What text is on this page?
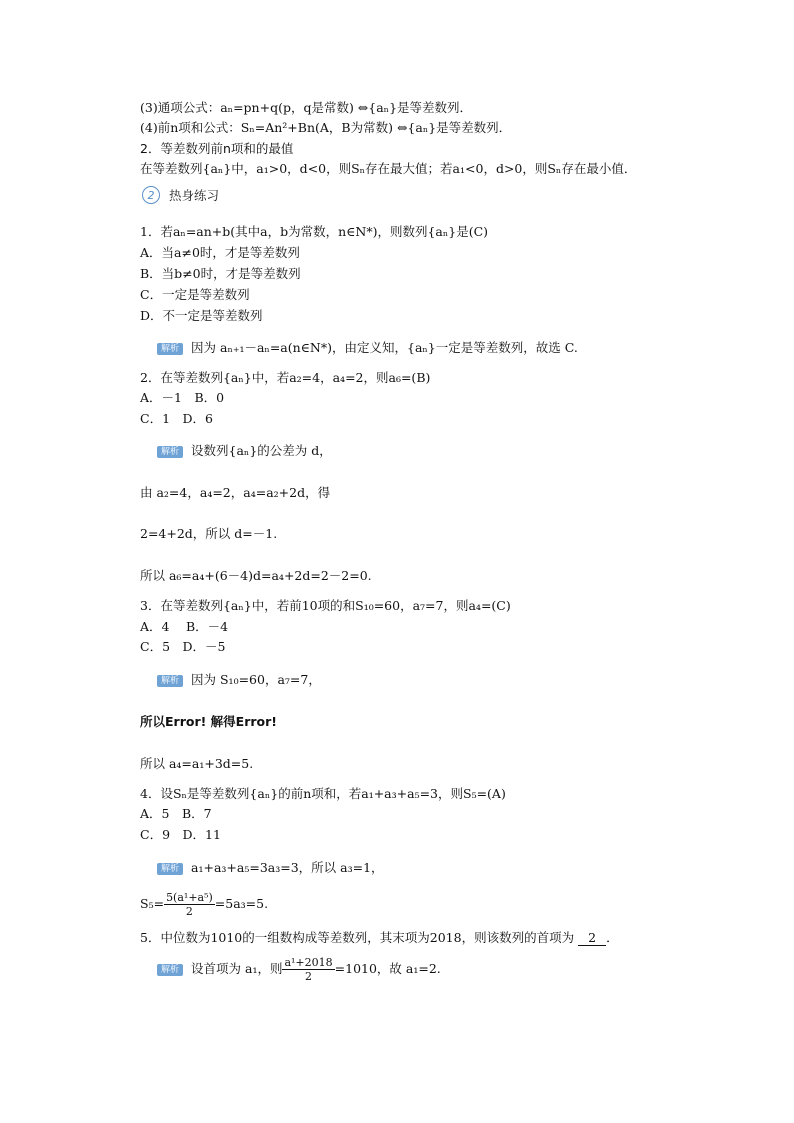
(3)通项公式：aₙ=pn+q(p，q是常数) ⇔{aₙ}是等差数列．
(4)前n项和公式：Sₙ=An²+Bn(A，B为常数) ⇔{aₙ}是等差数列．
2．等差数列前n项和的最值
在等差数列{aₙ}中，a₁>0，d<0，则Sₙ存在最大值；若a₁<0，d>0，则Sₙ存在最小值．
2	热身练习
1．若aₙ=an+b(其中a，b为常数，n∈N*)，则数列{aₙ}是(C)
A．当a≠0时，才是等差数列
B．当b≠0时，才是等差数列
C．一定是等差数列
D．不一定是等差数列
解析 因为 aₙ₊₁－aₙ=a(n∈N*)，由定义知，{aₙ}一定是等差数列，故选 C.
2．在等差数列{aₙ}中，若a₂=4，a₄=2，则a₆=(B)
A．－1　B．0
C．1　D．6
解析 设数列{aₙ}的公差为 d，
由 a₂=4，a₄=2，a₄=a₂+2d，得
2=4+2d，所以 d=－1.
所以 a₆=a₄+(6－4)d=a₄+2d=2－2=0.
3．在等差数列{aₙ}中，若前10项的和S₁₀=60，a₇=7，则a₄=(C)
A．4　 B．－4
C．5　D．－5
解析 因为 S₁₀=60，a₇=7，
所以Error! 解得Error!
所以 a₄=a₁+3d=5.
4．设Sₙ是等差数列{aₙ}的前n项和，若a₁+a₃+a₅=3，则S₅=(A)
A．5　B．7
C．9　D．11
解析 a₁+a₃+a₅=3a₃=3，所以 a₃=1，
$S_5= \frac{\text{5(a¹+a⁵)}}{2} =5a_3=5$.
5．中位数为1010的一组数构成等差数列，其末项为2018，则该数列的首项为 2 ．
解析 设首项为 a₁，则 $\frac{\text{a¹+2018}}{2} =1010$，故 a₁=2.
